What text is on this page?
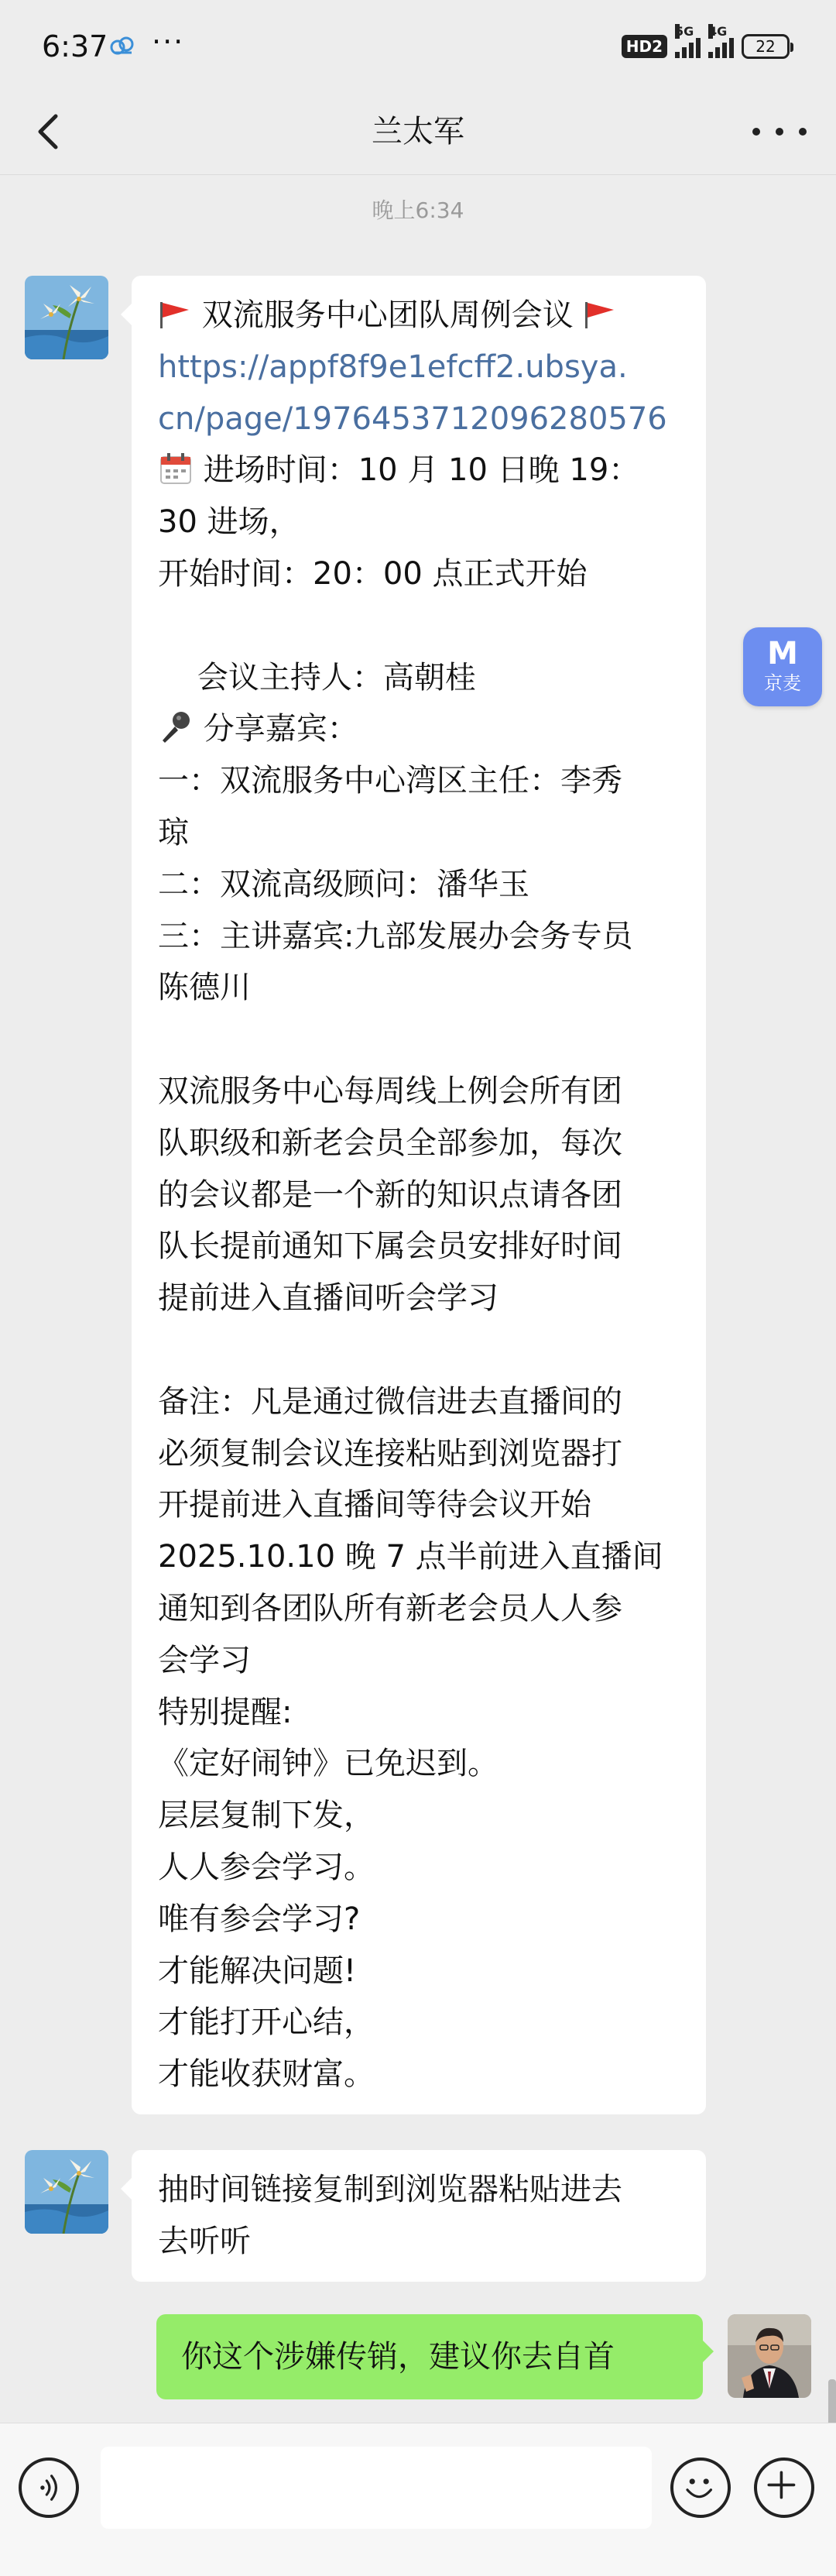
6:37 ···	HD2
5G 4G
22
兰太军
晚上6:34
双流服务中心团队周例会议
https://appf8f9e1efcff2.ubsya.
cn/page/1976453712096280576
进场时间：10 月 10 日晚 19：
30 进场，
开始时间：20：00 点正式开始
会议主持人：高朝桂
分享嘉宾：
一：双流服务中心湾区主任：李秀
琼
二：双流高级顾问：潘华玉
三：主讲嘉宾:九部发展办会务专员
陈德川
双流服务中心每周线上例会所有团
队职级和新老会员全部参加，每次
的会议都是一个新的知识点请各团
队长提前通知下属会员安排好时间
提前进入直播间听会学习
备注：凡是通过微信进去直播间的
必须复制会议连接粘贴到浏览器打
开提前进入直播间等待会议开始
2025.10.10 晚 7 点半前进入直播间
通知到各团队所有新老会员人人参
会学习
特别提醒:
《定好闹钟》已免迟到。
层层复制下发，
人人参会学习。
唯有参会学习?
才能解决问题!
才能打开心结，
才能收获财富。
抽时间链接复制到浏览器粘贴进去
去听听
你这个涉嫌传销，建议你去自首
M
京麦
